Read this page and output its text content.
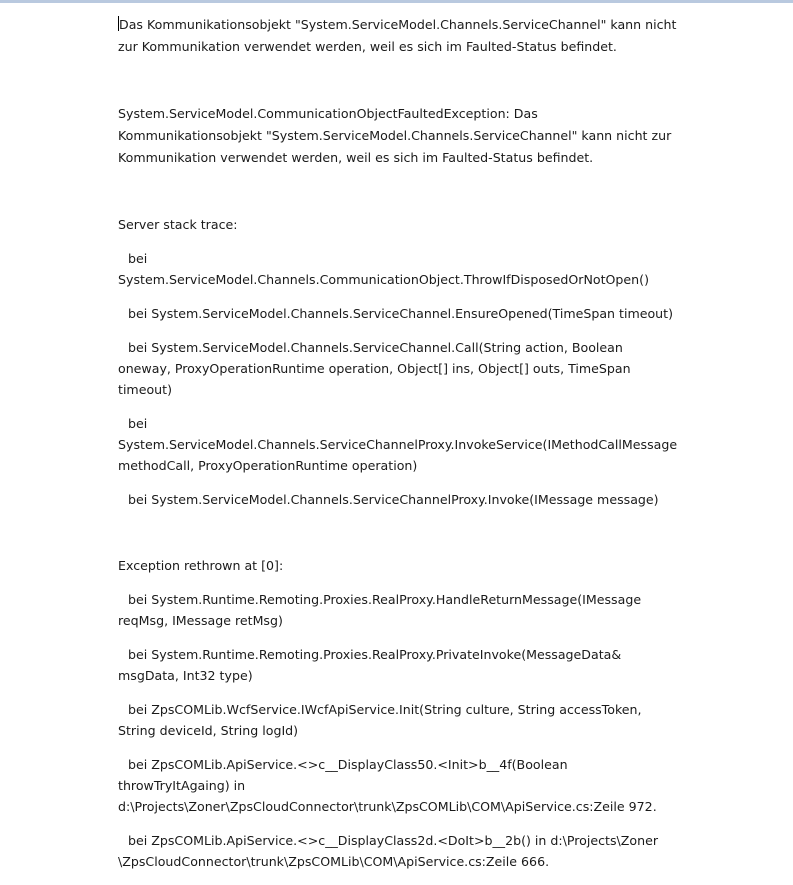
Das Kommunikationsobjekt "System.ServiceModel.Channels.ServiceChannel" kann nicht zur Kommunikation verwendet werden, weil es sich im Faulted-Status befindet.

System.ServiceModel.CommunicationObjectFaultedException: Das Kommunikationsobjekt "System.ServiceModel.Channels.ServiceChannel" kann nicht zur Kommunikation verwendet werden, weil es sich im Faulted-Status befindet.

Server stack trace:

bei System.ServiceModel.Channels.CommunicationObject.ThrowIfDisposedOrNotOpen()

bei System.ServiceModel.Channels.ServiceChannel.EnsureOpened(TimeSpan timeout)

bei System.ServiceModel.Channels.ServiceChannel.Call(String action, Boolean oneway, ProxyOperationRuntime operation, Object[] ins, Object[] outs, TimeSpan timeout)

bei

System.ServiceModel.Channels.ServiceChannelProxy.InvokeService(IMethodCallMessage methodCall, ProxyOperationRuntime operation)

bei System.ServiceModel.Channels.ServiceChannelProxy.Invoke(IMessage message)

Exception rethrown at [0]:

bei System.Runtime.Remoting.Proxies.RealProxy.HandleReturnMessage(IMessage reqMsg, IMessage retMsg)

bei System.Runtime.Remoting.Proxies.RealProxy.PrivateInvoke(MessageData& msgData, Int32 type)

bei ZpsCOMLib.WcfService.IWcfApiService.Init(String culture, String accessToken, String deviceId, String logId)

bei ZpsCOMLib.ApiService.<>c__DisplayClass50.<Init>b__4f(Boolean throwTryItAgaing) in d:\Projects\Zoner\ZpsCloudConnector\trunk\ZpsCOMLib\COM\ApiService.cs:Zeile 972.

bei ZpsCOMLib.ApiService.<>c__DisplayClass2d.<DoIt>b__2b() in d:\Projects\Zoner \ZpsCloudConnector\trunk\ZpsCOMLib\COM\ApiService.cs:Zeile 666.
